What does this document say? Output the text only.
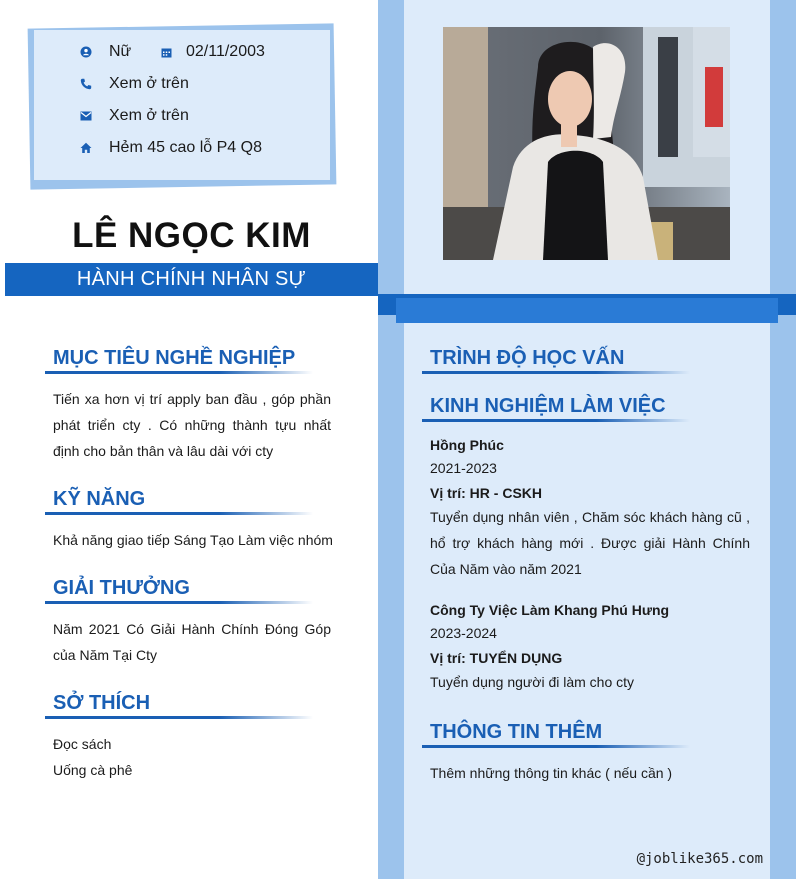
Nữ	02/11/2003
Xem ở trên
Xem ở trên
Hẻm 45 cao lỗ P4 Q8
LÊ NGỌC KIM
HÀNH CHÍNH NHÂN SỰ
MỤC TIÊU NGHỀ NGHIỆP
Tiến xa hơn vị trí apply ban đầu , góp phần phát triển cty . Có những thành tựu nhất định cho bản thân và lâu dài với cty
KỸ NĂNG
Khả năng giao tiếp Sáng Tạo Làm việc nhóm
GIẢI THƯỞNG
Năm 2021 Có Giải Hành Chính Đóng Góp của Năm Tại Cty
SỞ THÍCH
Đọc sách
Uống cà phê
TRÌNH ĐỘ HỌC VẤN
KINH NGHIỆM LÀM VIỆC
Hồng Phúc
2021-2023
Vị trí: HR - CSKH
Tuyển dụng nhân viên , Chăm sóc khách hàng cũ , hổ trợ khách hàng mới . Được giải Hành Chính Của Năm vào năm 2021
Công Ty Việc Làm Khang Phú Hưng
2023-2024
Vị trí: TUYỂN DỤNG
Tuyển dụng người đi làm cho cty
THÔNG TIN THÊM
Thêm những thông tin khác ( nếu cần )
@joblike365.com
